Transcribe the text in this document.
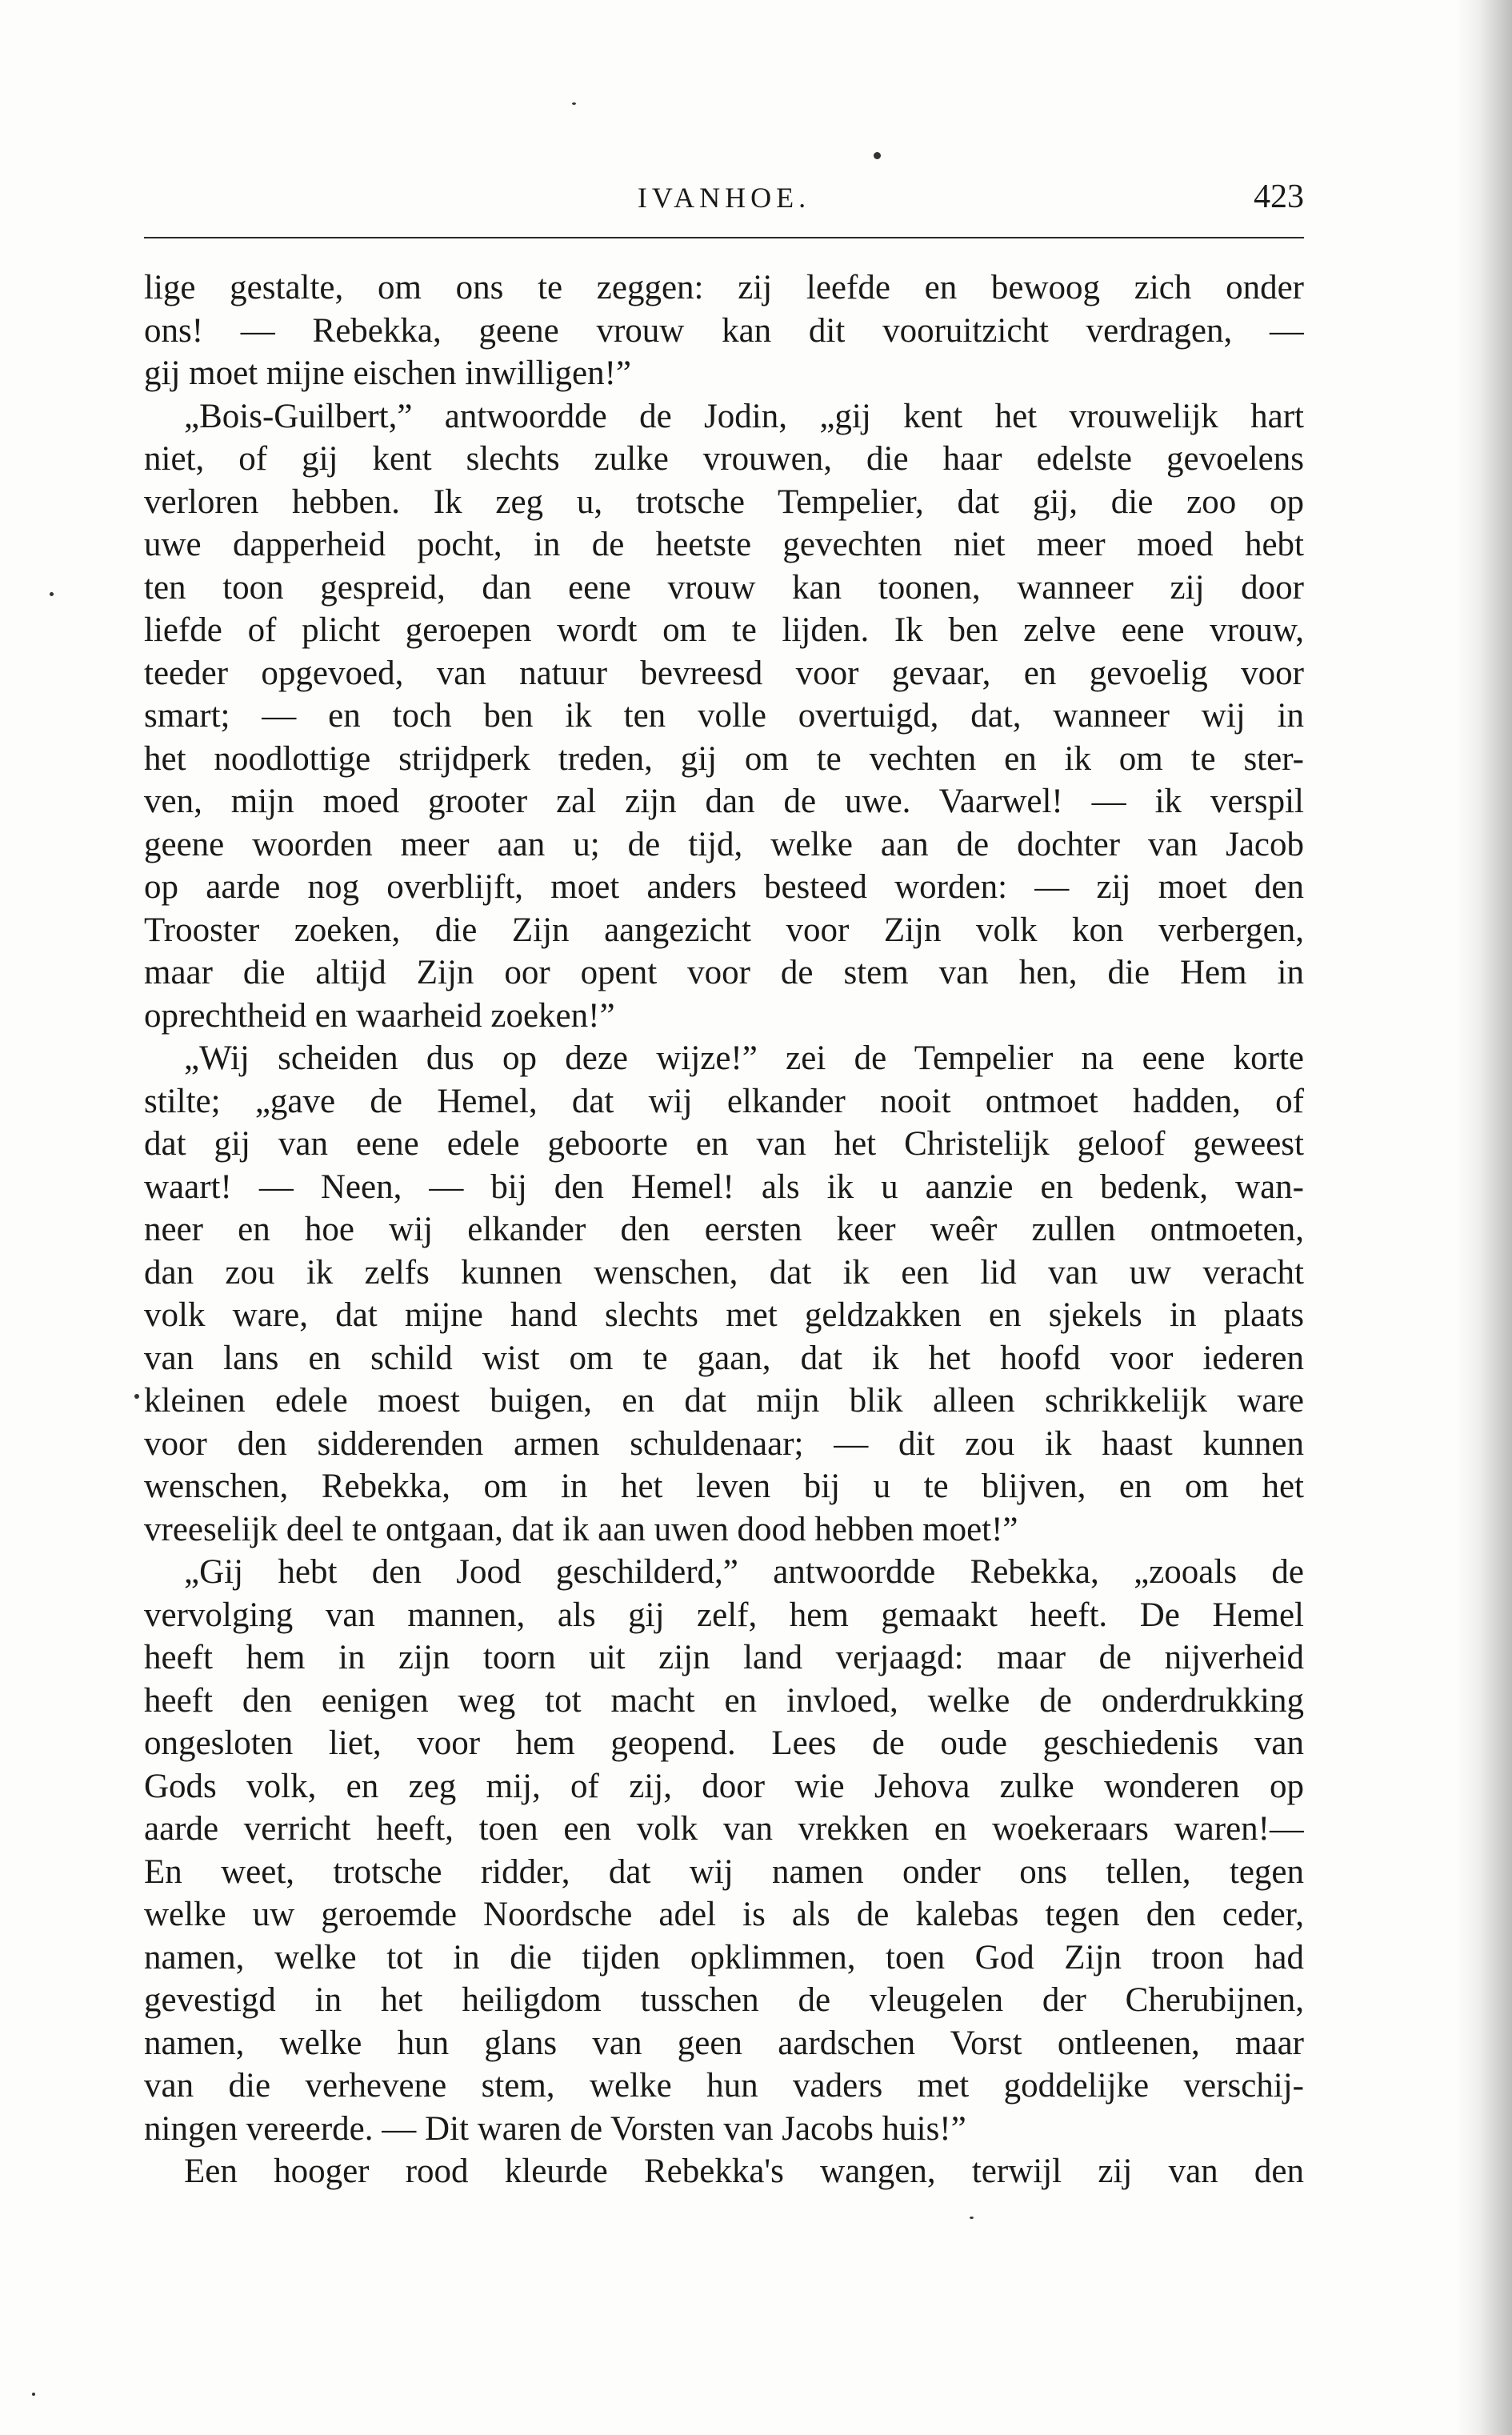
IVANHOE.	423
lige gestalte, om ons te zeggen: zij leefde en bewoog zich onder
ons! — Rebekka, geene vrouw kan dit vooruitzicht verdragen, —
gij moet mijne eischen inwilligen!”
„Bois-Guilbert,” antwoordde de Jodin, „gij kent het vrouwelijk hart
niet, of gij kent slechts zulke vrouwen, die haar edelste gevoelens
verloren hebben. Ik zeg u, trotsche Tempelier, dat gij, die zoo op
uwe dapperheid pocht, in de heetste gevechten niet meer moed hebt
ten toon gespreid, dan eene vrouw kan toonen, wanneer zij door
liefde of plicht geroepen wordt om te lijden. Ik ben zelve eene vrouw,
teeder opgevoed, van natuur bevreesd voor gevaar, en gevoelig voor
smart; — en toch ben ik ten volle overtuigd, dat, wanneer wij in
het noodlottige strijdperk treden, gij om te vechten en ik om te ster-
ven, mijn moed grooter zal zijn dan de uwe. Vaarwel! — ik verspil
geene woorden meer aan u; de tijd, welke aan de dochter van Jacob
op aarde nog overblijft, moet anders besteed worden: — zij moet den
Trooster zoeken, die Zijn aangezicht voor Zijn volk kon verbergen,
maar die altijd Zijn oor opent voor de stem van hen, die Hem in
oprechtheid en waarheid zoeken!”
„Wij scheiden dus op deze wijze!” zei de Tempelier na eene korte
stilte; „gave de Hemel, dat wij elkander nooit ontmoet hadden, of
dat gij van eene edele geboorte en van het Christelijk geloof geweest
waart! — Neen, — bij den Hemel! als ik u aanzie en bedenk, wan-
neer en hoe wij elkander den eersten keer weêr zullen ontmoeten,
dan zou ik zelfs kunnen wenschen, dat ik een lid van uw veracht
volk ware, dat mijne hand slechts met geldzakken en sjekels in plaats
van lans en schild wist om te gaan, dat ik het hoofd voor iederen
kleinen edele moest buigen, en dat mijn blik alleen schrikkelijk ware
voor den sidderenden armen schuldenaar; — dit zou ik haast kunnen
wenschen, Rebekka, om in het leven bij u te blijven, en om het
vreeselijk deel te ontgaan, dat ik aan uwen dood hebben moet!”
„Gij hebt den Jood geschilderd,” antwoordde Rebekka, „zooals de
vervolging van mannen, als gij zelf, hem gemaakt heeft. De Hemel
heeft hem in zijn toorn uit zijn land verjaagd: maar de nijverheid
heeft den eenigen weg tot macht en invloed, welke de onderdrukking
ongesloten liet, voor hem geopend. Lees de oude geschiedenis van
Gods volk, en zeg mij, of zij, door wie Jehova zulke wonderen op
aarde verricht heeft, toen een volk van vrekken en woekeraars waren!—
En weet, trotsche ridder, dat wij namen onder ons tellen, tegen
welke uw geroemde Noordsche adel is als de kalebas tegen den ceder,
namen, welke tot in die tijden opklimmen, toen God Zijn troon had
gevestigd in het heiligdom tusschen de vleugelen der Cherubijnen,
namen, welke hun glans van geen aardschen Vorst ontleenen, maar
van die verhevene stem, welke hun vaders met goddelijke verschij-
ningen vereerde. — Dit waren de Vorsten van Jacobs huis!”
Een hooger rood kleurde Rebekka's wangen, terwijl zij van den
